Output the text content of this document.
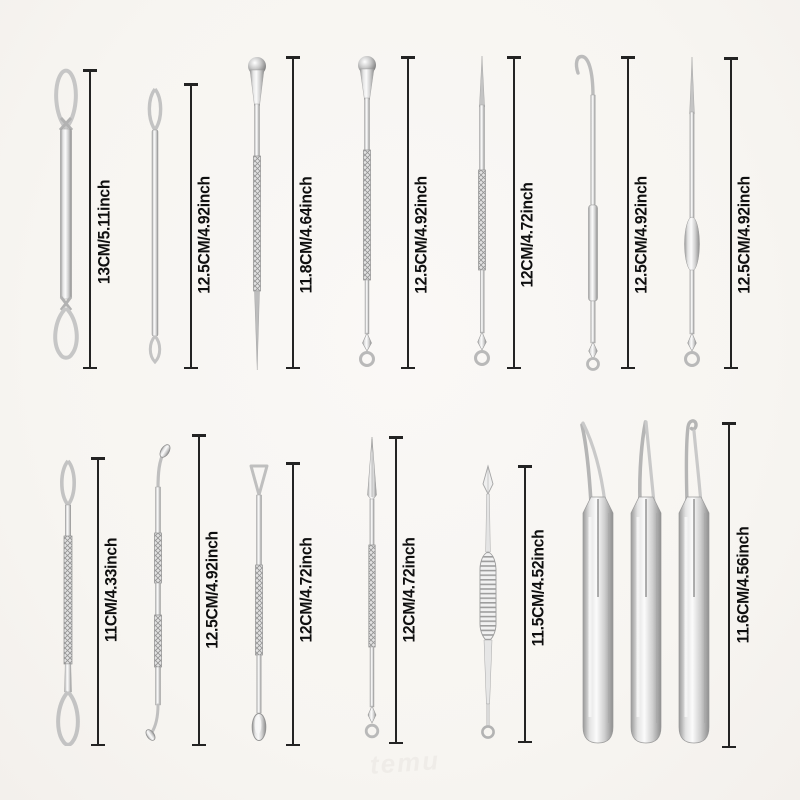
13CM/5.11inch	12.5CM/4.92inch	11.8CM/4.64inch	12.5CM/4.92inch	12CM/4.72inch	12.5CM/4.92inch	12.5CM/4.92inch
11CM/4.33inch	12.5CM/4.92inch	12CM/4.72inch	12CM/4.72inch	11.5CM/4.52inch	11.6CM/4.56inch
temu
